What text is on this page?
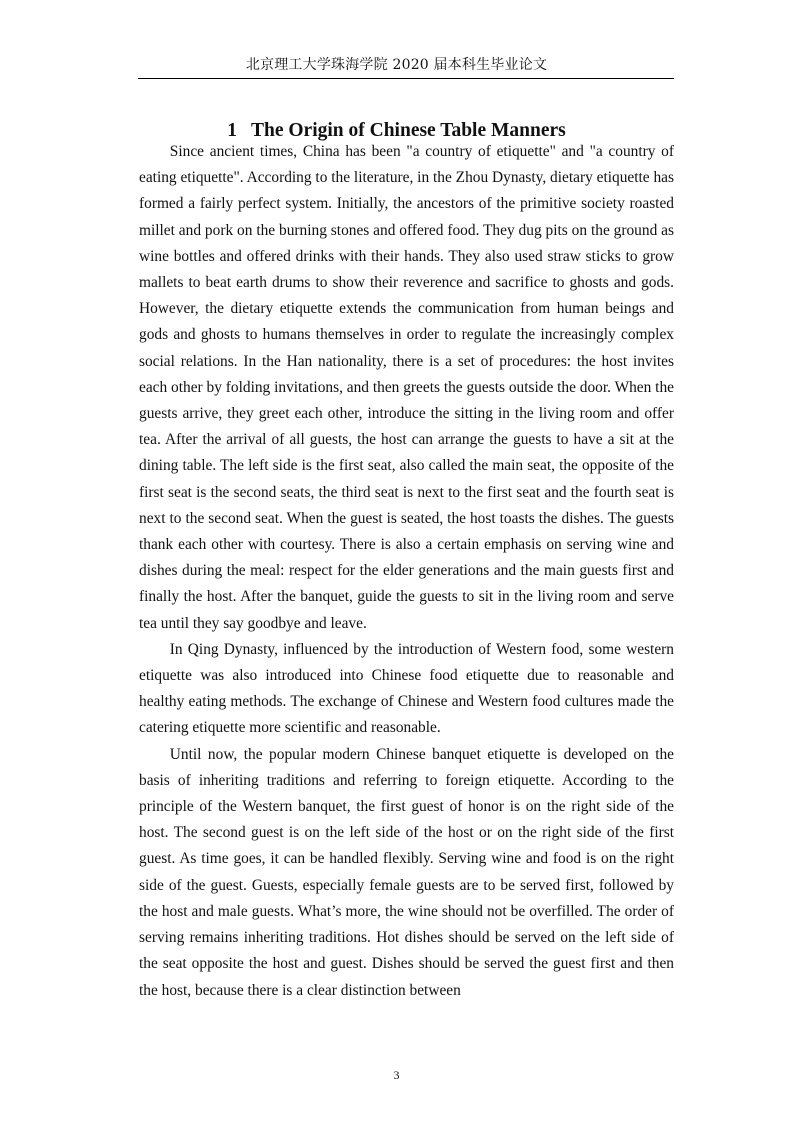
北京理工大学珠海学院 2020 届本科生毕业论文
1 The Origin of Chinese Table Manners

Since ancient times, China has been "a country of etiquette" and "a country of eating etiquette". According to the literature, in the Zhou Dynasty, dietary etiquette has formed a fairly perfect system. Initially, the ancestors of the primitive society roasted millet and pork on the burning stones and offered food. They dug pits on the ground as wine bottles and offered drinks with their hands. They also used straw sticks to grow mallets to beat earth drums to show their reverence and sacrifice to ghosts and gods. However, the dietary etiquette extends the communication from human beings and gods and ghosts to humans themselves in order to regulate the increasingly complex social relations. In the Han nationality, there is a set of procedures: the host invites each other by folding invitations, and then greets the guests outside the door. When the guests arrive, they greet each other, introduce the sitting in the living room and offer tea. After the arrival of all guests, the host can arrange the guests to have a sit at the dining table. The left side is the first seat, also called the main seat, the opposite of the first seat is the second seats, the third seat is next to the first seat and the fourth seat is next to the second seat. When the guest is seated, the host toasts the dishes. The guests thank each other with courtesy. There is also a certain emphasis on serving wine and dishes during the meal: respect for the elder generations and the main guests first and finally the host. After the banquet, guide the guests to sit in the living room and serve tea until they say goodbye and leave.

In Qing Dynasty, influenced by the introduction of Western food, some western etiquette was also introduced into Chinese food etiquette due to reasonable and healthy eating methods. The exchange of Chinese and Western food cultures made the catering etiquette more scientific and reasonable.

Until now, the popular modern Chinese banquet etiquette is developed on the basis of inheriting traditions and referring to foreign etiquette. According to the principle of the Western banquet, the first guest of honor is on the right side of the host. The second guest is on the left side of the host or on the right side of the first guest. As time goes, it can be handled flexibly. Serving wine and food is on the right side of the guest. Guests, especially female guests are to be served first, followed by the host and male guests. What’s more, the wine should not be overfilled. The order of serving remains inheriting traditions. Hot dishes should be served on the left side of the seat opposite the host and guest. Dishes should be served the guest first and then the host, because there is a clear distinction between

3
